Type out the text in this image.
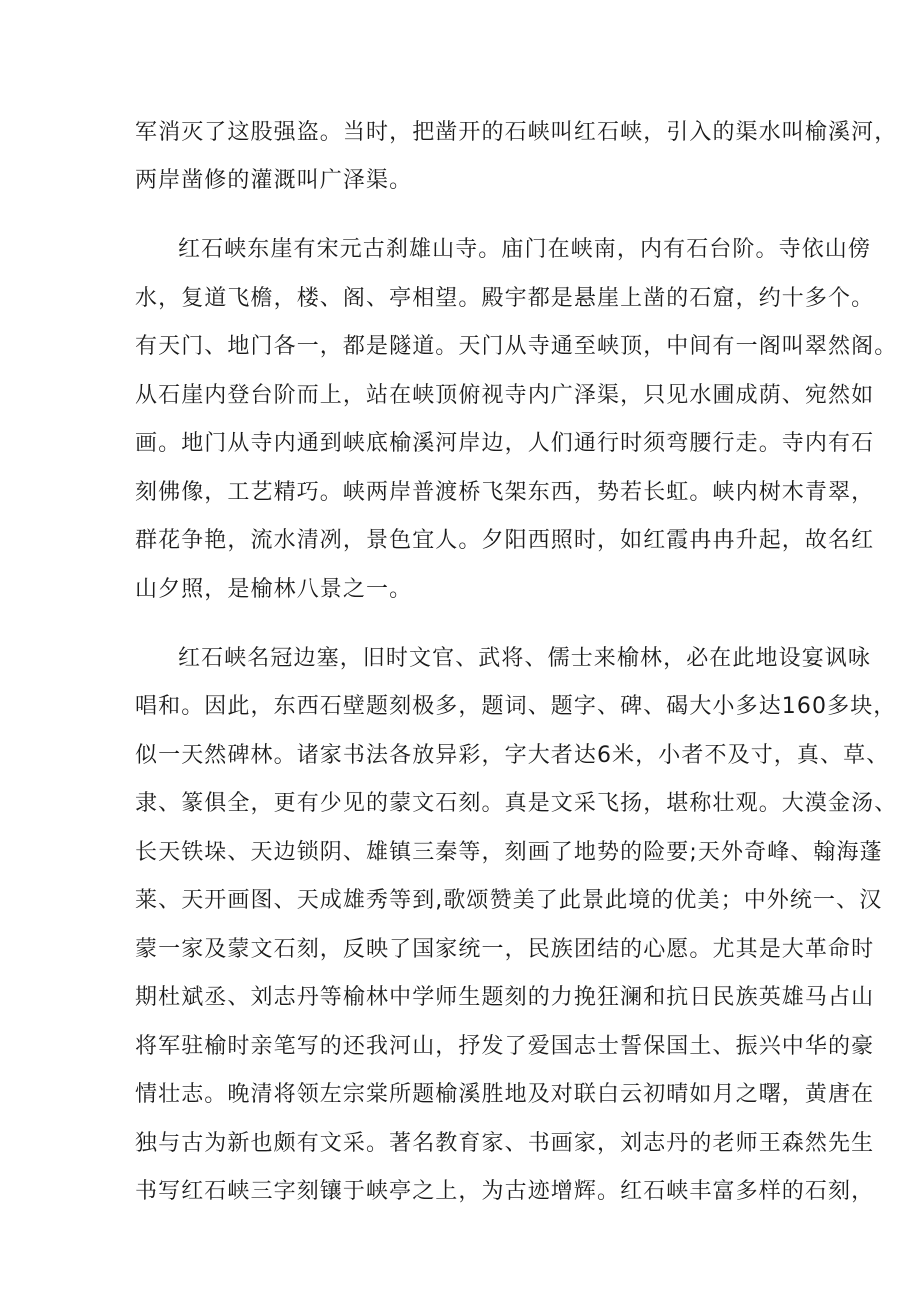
军消灭了这股强盗。当时，把凿开的石峡叫红石峡，引入的渠水叫榆溪河，
两岸凿修的灌溉叫广泽渠。
红石峡东崖有宋元古刹雄山寺。庙门在峡南，内有石台阶。寺依山傍
水，复道飞檐，楼、阁、亭相望。殿宇都是悬崖上凿的石窟，约十多个。
有天门、地门各一，都是隧道。天门从寺通至峡顶，中间有一阁叫翠然阁。
从石崖内登台阶而上，站在峡顶俯视寺内广泽渠，只见水圃成荫、宛然如
画。地门从寺内通到峡底榆溪河岸边，人们通行时须弯腰行走。寺内有石
刻佛像，工艺精巧。峡两岸普渡桥飞架东西，势若长虹。峡内树木青翠，
群花争艳，流水清冽，景色宜人。夕阳西照时，如红霞冉冉升起，故名红
山夕照，是榆林八景之一。
红石峡名冠边塞，旧时文官、武将、儒士来榆林，必在此地设宴讽咏
唱和。因此，东西石壁题刻极多，题词、题字、碑、碣大小多达160多块，
似一天然碑林。诸家书法各放异彩，字大者达6米，小者不及寸，真、草、
隶、篆俱全，更有少见的蒙文石刻。真是文采飞扬，堪称壮观。大漠金汤、
长天铁垛、天边锁阴、雄镇三秦等，刻画了地势的险要;天外奇峰、翰海蓬
莱、天开画图、天成雄秀等到,歌颂赞美了此景此境的优美；中外统一、汉
蒙一家及蒙文石刻，反映了国家统一，民族团结的心愿。尤其是大革命时
期杜斌丞、刘志丹等榆林中学师生题刻的力挽狂澜和抗日民族英雄马占山
将军驻榆时亲笔写的还我河山，抒发了爱国志士誓保国土、振兴中华的豪
情壮志。晚清将领左宗棠所题榆溪胜地及对联白云初晴如月之曙，黄唐在
独与古为新也颇有文采。著名教育家、书画家，刘志丹的老师王森然先生
书写红石峡三字刻镶于峡亭之上，为古迹增辉。红石峡丰富多样的石刻，
